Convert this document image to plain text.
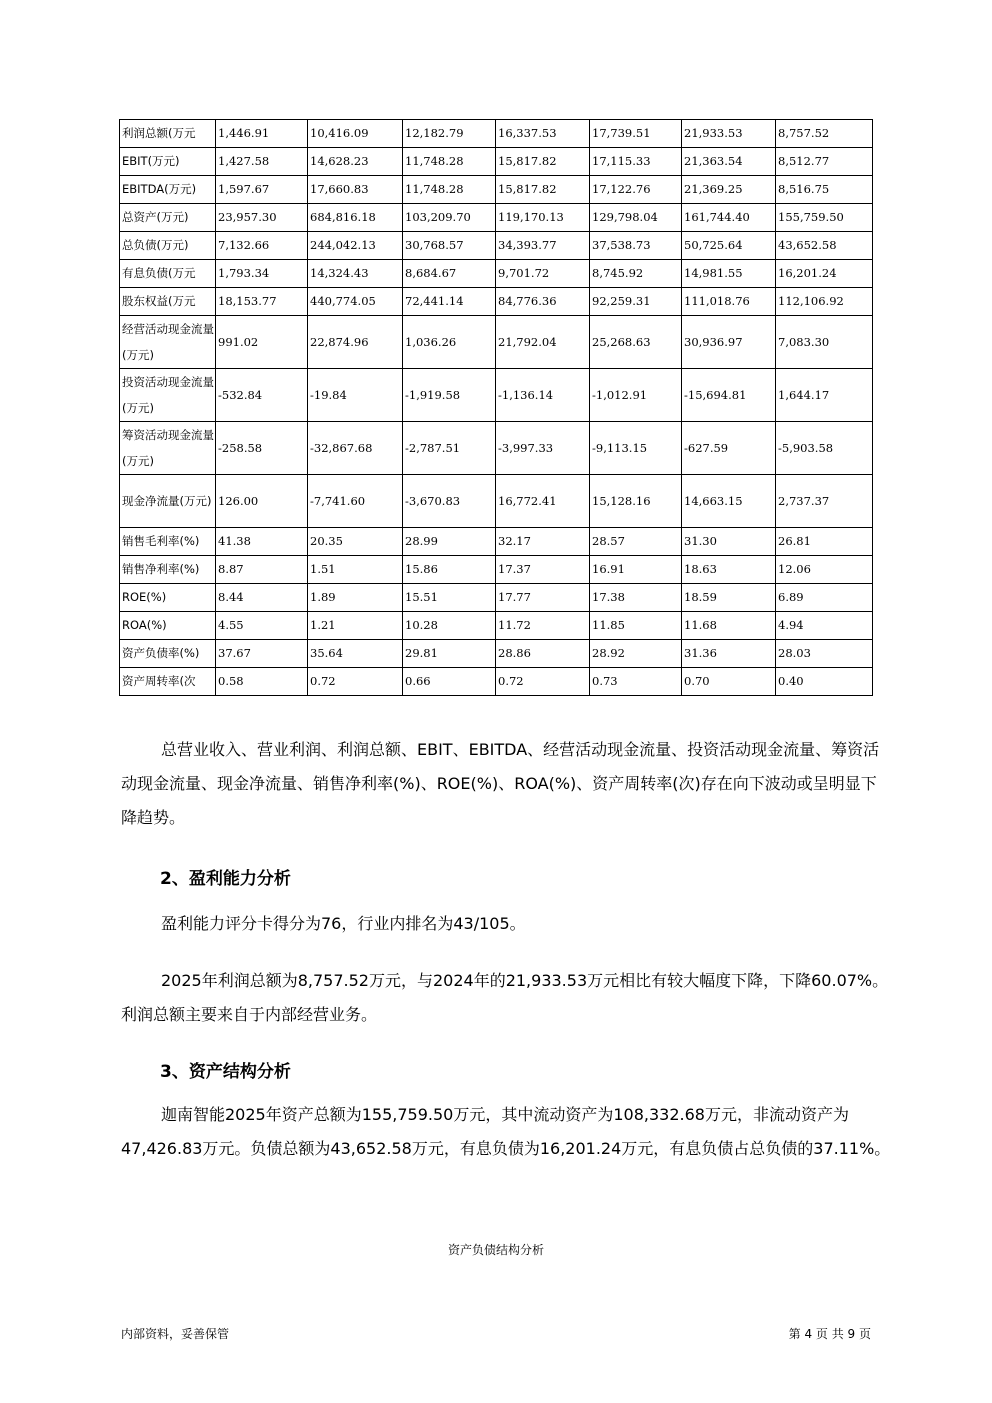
利润总额(万元	1,446.91	10,416.09	12,182.79	16,337.53	17,739.51	21,933.53	8,757.52
EBIT(万元)	1,427.58	14,628.23	11,748.28	15,817.82	17,115.33	21,363.54	8,512.77
EBITDA(万元)	1,597.67	17,660.83	11,748.28	15,817.82	17,122.76	21,369.25	8,516.75
总资产(万元)	23,957.30	684,816.18	103,209.70	119,170.13	129,798.04	161,744.40	155,759.50
总负债(万元)	7,132.66	244,042.13	30,768.57	34,393.77	37,538.73	50,725.64	43,652.58
有息负债(万元	1,793.34	14,324.43	8,684.67	9,701.72	8,745.92	14,981.55	16,201.24
股东权益(万元	18,153.77	440,774.05	72,441.14	84,776.36	92,259.31	111,018.76	112,106.92
经营活动现金流量(万元)	991.02	22,874.96	1,036.26	21,792.04	25,268.63	30,936.97	7,083.30
投资活动现金流量(万元)	-532.84	-19.84	-1,919.58	-1,136.14	-1,012.91	-15,694.81	1,644.17
筹资活动现金流量(万元)	-258.58	-32,867.68	-2,787.51	-3,997.33	-9,113.15	-627.59	-5,903.58
现金净流量(万元)	126.00	-7,741.60	-3,670.83	16,772.41	15,128.16	14,663.15	2,737.37
销售毛利率(%)	41.38	20.35	28.99	32.17	28.57	31.30	26.81
销售净利率(%)	8.87	1.51	15.86	17.37	16.91	18.63	12.06
ROE(%)	8.44	1.89	15.51	17.77	17.38	18.59	6.89
ROA(%)	4.55	1.21	10.28	11.72	11.85	11.68	4.94
资产负债率(%)	37.67	35.64	29.81	28.86	28.92	31.36	28.03
资产周转率(次	0.58	0.72	0.66	0.72	0.73	0.70	0.40
总营业收入、营业利润、利润总额、EBIT、EBITDA、经营活动现金流量、投资活动现金流量、筹资活动现金流量、现金净流量、销售净利率(%)、ROE(%)、ROA(%)、资产周转率(次)存在向下波动或呈明显下降趋势。
2、盈利能力分析
盈利能力评分卡得分为76，行业内排名为43/105。
2025年利润总额为8,757.52万元，与2024年的21,933.53万元相比有较大幅度下降，下降60.07%。利润总额主要来自于内部经营业务。
3、资产结构分析
迦南智能2025年资产总额为155,759.50万元，其中流动资产为108,332.68万元，非流动资产为47,426.83万元。负债总额为43,652.58万元，有息负债为16,201.24万元，有息负债占总负债的37.11%。
资产负债结构分析
内部资料，妥善保管	第 4 页 共 9 页
